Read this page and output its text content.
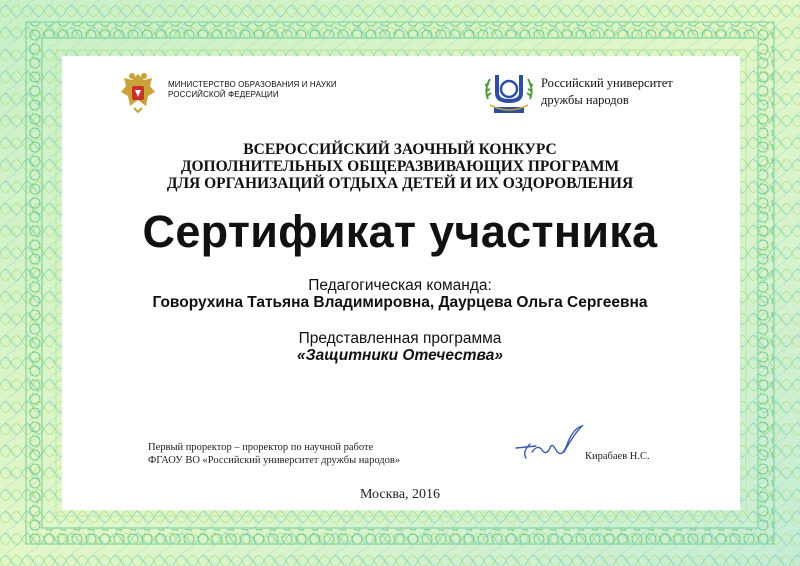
МИНИСТЕРСТВО ОБРАЗОВАНИЯ И НАУКИ
РОССИЙСКОЙ ФЕДЕРАЦИИ
Российский университет
дружбы народов
ВСЕРОССИЙСКИЙ ЗАОЧНЫЙ КОНКУРС
ДОПОЛНИТЕЛЬНЫХ ОБЩЕРАЗВИВАЮЩИХ ПРОГРАММ
ДЛЯ ОРГАНИЗАЦИЙ ОТДЫХА ДЕТЕЙ И ИХ ОЗДОРОВЛЕНИЯ
Сертификат участника
Педагогическая команда:
Говорухина Татьяна Владимировна, Даурцева Ольга Сергеевна
Представленная программа
«Защитники Отечества»
Первый проректор – проректор по научной работе
ФГАОУ ВО «Российский университет дружбы народов»	Кирабаев Н.С.
Москва, 2016
